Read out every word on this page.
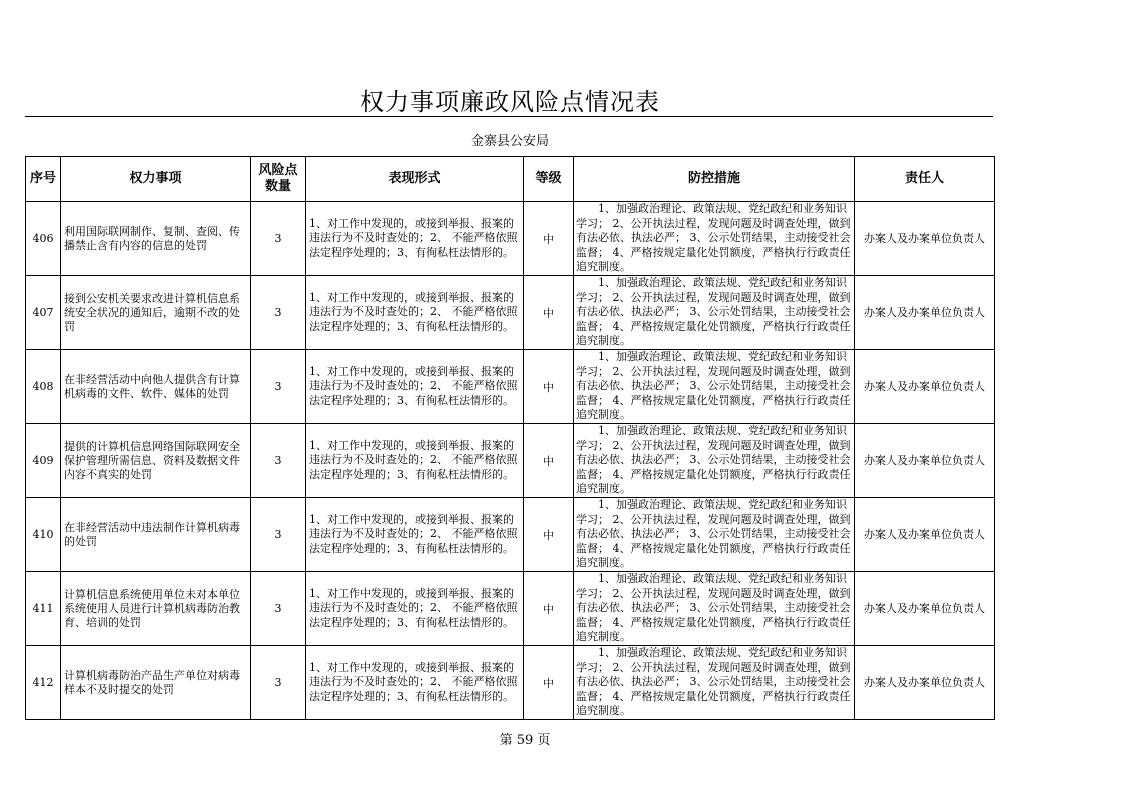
权力事项廉政风险点情况表
金寨县公安局
序号	权力事项	风险点数量	表现形式	等级	防控措施	责任人
406	利用国际联网制作、复制、查阅、传播禁止含有内容的信息的处罚	3	1、对工作中发现的，或接到举报、报案的违法行为不及时查处的；2、 不能严格依照法定程序处理的；3、有徇私枉法情形的。	中	　　1、加强政治理论、政策法规、党纪政纪和业务知识学习； 2、公开执法过程，发现问题及时调查处理，做到有法必依、执法必严； 3、公示处罚结果，主动接受社会监督； 4、严格按规定量化处罚额度，严格执行行政责任追究制度。	办案人及办案单位负责人
407	接到公安机关要求改进计算机信息系统安全状况的通知后，逾期不改的处罚	3	1、对工作中发现的，或接到举报、报案的违法行为不及时查处的；2、 不能严格依照法定程序处理的；3、有徇私枉法情形的。	中	　　1、加强政治理论、政策法规、党纪政纪和业务知识学习； 2、公开执法过程，发现问题及时调查处理，做到有法必依、执法必严； 3、公示处罚结果，主动接受社会监督； 4、严格按规定量化处罚额度，严格执行行政责任追究制度。	办案人及办案单位负责人
408	在非经营活动中向他人提供含有计算机病毒的文件、软件、媒体的处罚	3	1、对工作中发现的，或接到举报、报案的违法行为不及时查处的；2、 不能严格依照法定程序处理的；3、有徇私枉法情形的。	中	　　1、加强政治理论、政策法规、党纪政纪和业务知识学习； 2、公开执法过程，发现问题及时调查处理，做到有法必依、执法必严； 3、公示处罚结果，主动接受社会监督； 4、严格按规定量化处罚额度，严格执行行政责任追究制度。	办案人及办案单位负责人
409	提供的计算机信息网络国际联网安全保护管理所需信息、资料及数据文件内容不真实的处罚	3	1、对工作中发现的，或接到举报、报案的违法行为不及时查处的；2、 不能严格依照法定程序处理的；3、有徇私枉法情形的。	中	　　1、加强政治理论、政策法规、党纪政纪和业务知识学习； 2、公开执法过程，发现问题及时调查处理，做到有法必依、执法必严； 3、公示处罚结果，主动接受社会监督； 4、严格按规定量化处罚额度，严格执行行政责任追究制度。	办案人及办案单位负责人
410	在非经营活动中违法制作计算机病毒的处罚	3	1、对工作中发现的，或接到举报、报案的违法行为不及时查处的；2、 不能严格依照法定程序处理的；3、有徇私枉法情形的。	中	　　1、加强政治理论、政策法规、党纪政纪和业务知识学习； 2、公开执法过程，发现问题及时调查处理，做到有法必依、执法必严； 3、公示处罚结果，主动接受社会监督； 4、严格按规定量化处罚额度，严格执行行政责任追究制度。	办案人及办案单位负责人
411	计算机信息系统使用单位未对本单位系统使用人员进行计算机病毒防治教育、培训的处罚	3	1、对工作中发现的，或接到举报、报案的违法行为不及时查处的；2、 不能严格依照法定程序处理的；3、有徇私枉法情形的。	中	　　1、加强政治理论、政策法规、党纪政纪和业务知识学习； 2、公开执法过程，发现问题及时调查处理，做到有法必依、执法必严； 3、公示处罚结果，主动接受社会监督； 4、严格按规定量化处罚额度，严格执行行政责任追究制度。	办案人及办案单位负责人
412	计算机病毒防治产品生产单位对病毒样本不及时提交的处罚	3	1、对工作中发现的，或接到举报、报案的违法行为不及时查处的；2、 不能严格依照法定程序处理的；3、有徇私枉法情形的。	中	　　1、加强政治理论、政策法规、党纪政纪和业务知识学习； 2、公开执法过程，发现问题及时调查处理，做到有法必依、执法必严； 3、公示处罚结果，主动接受社会监督； 4、严格按规定量化处罚额度，严格执行行政责任追究制度。	办案人及办案单位负责人
第 59 页
